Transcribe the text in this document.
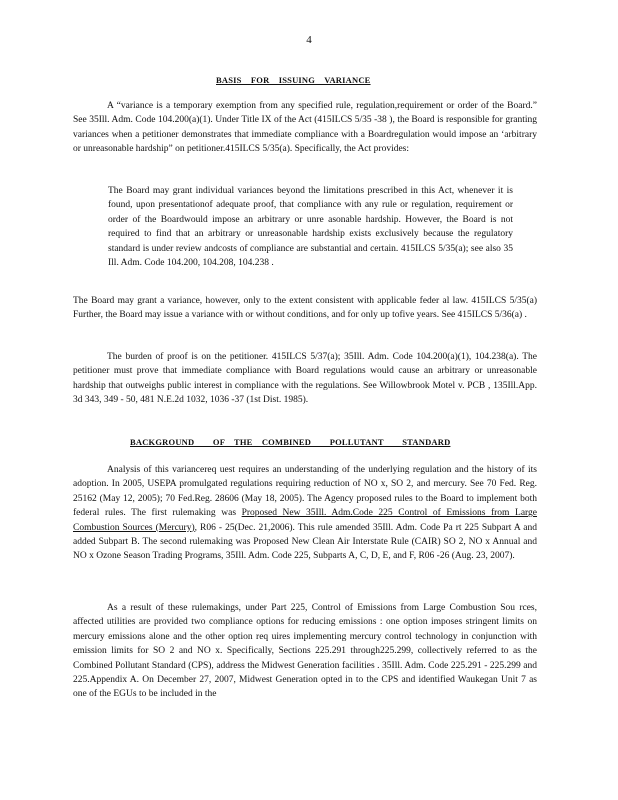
4
BASIS    FOR    ISSUING    VARIANCE

A “variance is a temporary exemption from any specified rule, regulation,requirement or order of the Board.” See 35Ill. Adm. Code 104.200(a)(1). Under Title IX of the Act (415ILCS 5/35 -38 ), the Board is responsible for granting variances when a petitioner demonstrates that immediate compliance with a Boardregulation would impose an ‘arbitrary or unreasonable hardship” on petitioner.415ILCS 5/35(a). Specifically, the Act provides:

The Board may grant individual variances beyond the limitations prescribed in this Act, whenever it is found, upon presentationof adequate proof, that compliance with any rule or regulation, requirement or order of the Boardwould impose an arbitrary or unre asonable hardship. However, the Board is not required to find that an arbitrary or unreasonable hardship exists exclusively because the regulatory standard is under review andcosts of compliance are substantial and certain. 415ILCS 5/35(a); see also 35 Ill. Adm. Code 104.200, 104.208, 104.238 .

The Board may grant a variance, however, only to the extent consistent with applicable feder al law. 415ILCS 5/35(a) Further, the Board may issue a variance with or without conditions, and for only up tofive years. See 415ILCS 5/36(a) .

The burden of proof is on the petitioner. 415ILCS 5/37(a); 35Ill. Adm. Code 104.200(a)(1), 104.238(a). The petitioner must prove that immediate compliance with Board regulations would cause an arbitrary or unreasonable hardship that outweighs public interest in compliance with the regulations. See Willowbrook Motel v. PCB , 135Ill.App. 3d 343, 349 - 50, 481 N.E.2d 1032, 1036 -37 (1st Dist. 1985).

BACKGROUND        OF    THE    COMBINED        POLLUTANT        STANDARD

Analysis of this variancereq uest requires an understanding of the underlying regulation and the history of its adoption. In 2005, USEPA promulgated regulations requiring reduction of NO x, SO 2, and mercury. See 70 Fed. Reg. 25162 (May 12, 2005); 70 Fed.Reg. 28606 (May 18, 2005). The Agency proposed rules to the Board to implement both federal rules. The first rulemaking was Proposed New 35Ill. Adm.Code 225 Control of Emissions from Large Combustion Sources (Mercury), R06 - 25(Dec. 21,2006). This rule amended 35Ill. Adm. Code Pa rt 225 Subpart A and added Subpart B. The second rulemaking was Proposed New Clean Air Interstate Rule (CAIR) SO 2, NO x Annual and NO x Ozone Season Trading Programs, 35Ill. Adm. Code 225, Subparts A, C, D, E, and F, R06 -26 (Aug. 23, 2007).

As a result of these rulemakings, under Part 225, Control of Emissions from Large Combustion Sou rces, affected utilities are provided two compliance options for reducing emissions : one option imposes stringent limits on mercury emissions alone and the other option req uires implementing mercury control technology in conjunction with emission limits for SO 2 and NO x. Specifically, Sections 225.291 through225.299, collectively referred to as the Combined Pollutant Standard (CPS), address the Midwest Generation facilities . 35Ill. Adm. Code 225.291 - 225.299 and 225.Appendix A. On December 27, 2007, Midwest Generation opted in to the CPS and identified Waukegan Unit 7 as one of the EGUs to be included in the
